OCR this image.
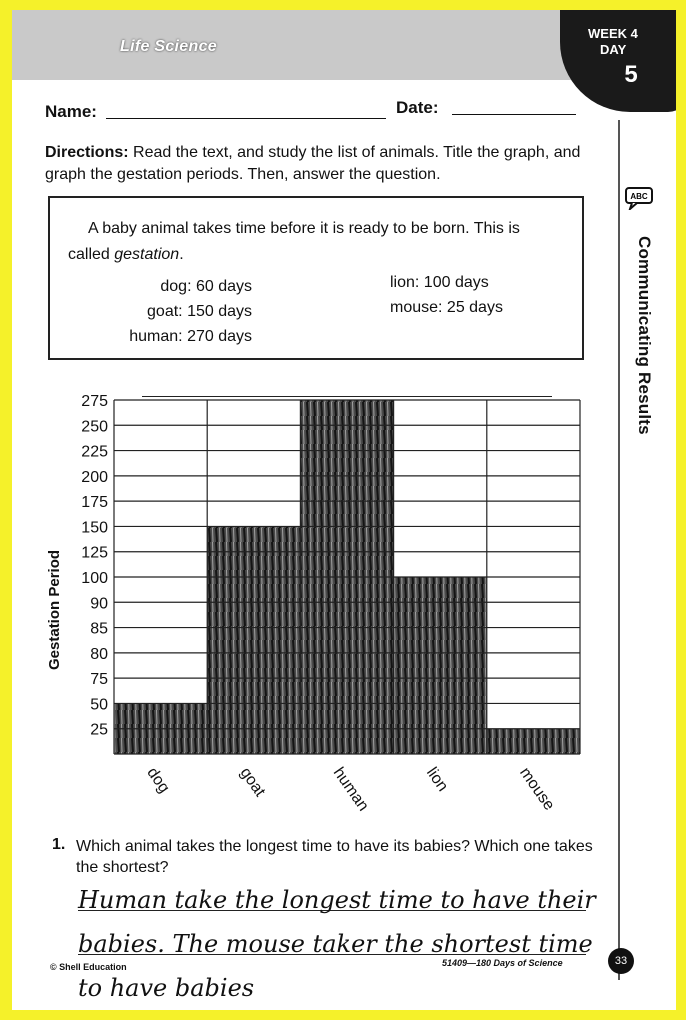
Life Science
WEEK 4
DAY
5
ABC
Communicating Results
Name:	Date:
Directions: Read the text, and study the list of animals. Title the graph, and graph the gestation periods. Then, answer the question.
A baby animal takes time before it is ready to be born. This is
called gestation.
dog: 60 days
goat: 150 days
human: 270 days
lion: 100 days
mouse: 25 days
Gestation Period
25
50
75
80
85
90
100
125
150
175
200
225
250
275
dog	goat	human	lion	mouse
1. Which animal takes the longest time to have its babies? Which one takes the shortest?
Human take the longest time to have their babies. The mouse taker the shortest time to have babies
© Shell Education	51409—180 Days of Science	33
